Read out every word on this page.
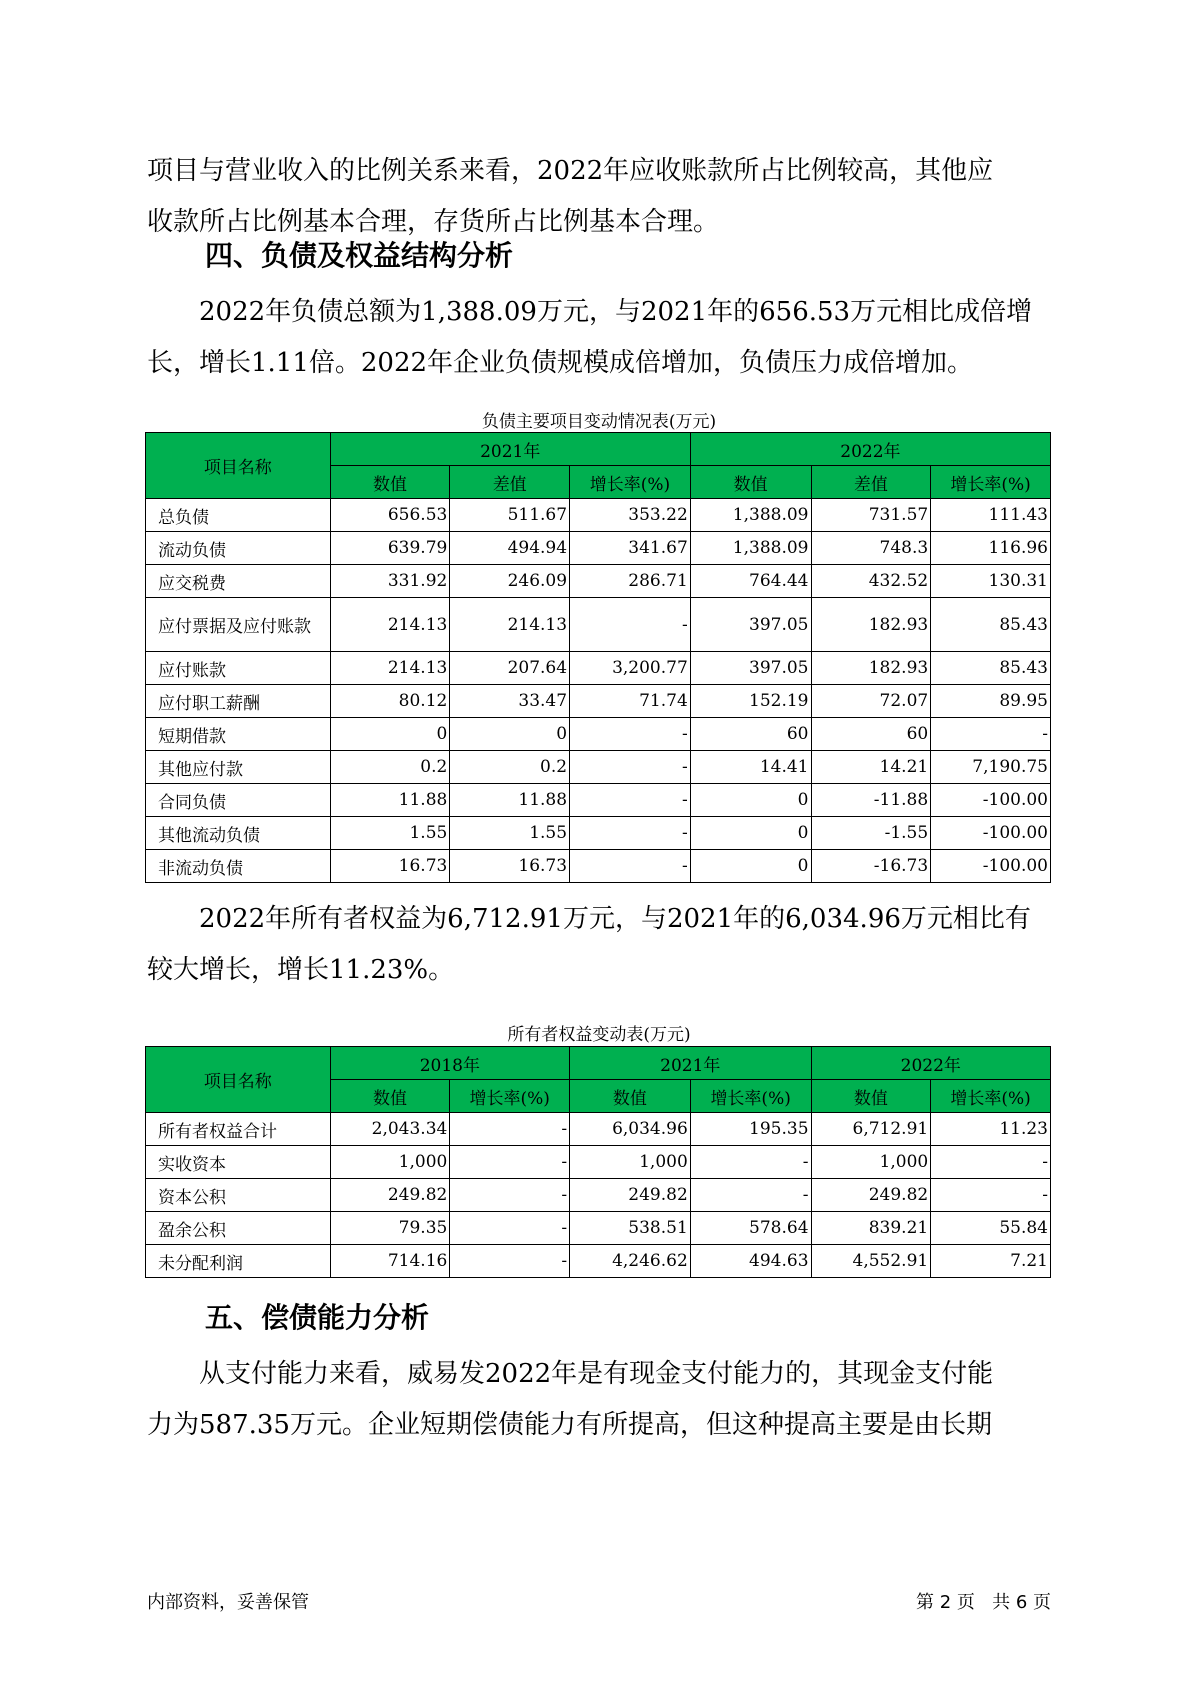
项目与营业收入的比例关系来看，2022年应收账款所占比例较高，其他应
收款所占比例基本合理，存货所占比例基本合理。

四、负债及权益结构分析

2022年负债总额为1,388.09万元，与2021年的656.53万元相比成倍增
长，增长1.11倍。2022年企业负债规模成倍增加，负债压力成倍增加。

负债主要项目变动情况表(万元)
项目名称	2021年			2022年		
	数值	差值	增长率(%)	数值	差值	增长率(%)
总负债	656.53	511.67	353.22	1,388.09	731.57	111.43
流动负债	639.79	494.94	341.67	1,388.09	748.3	116.96
应交税费	331.92	246.09	286.71	764.44	432.52	130.31
应付票据及应付账款	214.13	214.13	-	397.05	182.93	85.43
应付账款	214.13	207.64	3,200.77	397.05	182.93	85.43
应付职工薪酬	80.12	33.47	71.74	152.19	72.07	89.95
短期借款	0	0	-	60	60	-
其他应付款	0.2	0.2	-	14.41	14.21	7,190.75
合同负债	11.88	11.88	-	0	-11.88	-100.00
其他流动负债	1.55	1.55	-	0	-1.55	-100.00
非流动负债	16.73	16.73	-	0	-16.73	-100.00

2022年所有者权益为6,712.91万元，与2021年的6,034.96万元相比有
较大增长，增长11.23%。

所有者权益变动表(万元)
项目名称	2018年		2021年		2022年	
	数值	增长率(%)	数值	增长率(%)	数值	增长率(%)
所有者权益合计	2,043.34	-	6,034.96	195.35	6,712.91	11.23
实收资本	1,000	-	1,000	-	1,000	-
资本公积	249.82	-	249.82	-	249.82	-
盈余公积	79.35	-	538.51	578.64	839.21	55.84
未分配利润	714.16	-	4,246.62	494.63	4,552.91	7.21
五、偿债能力分析

从支付能力来看，威易发2022年是有现金支付能力的，其现金支付能
力为587.35万元。企业短期偿债能力有所提高，但这种提高主要是由长期

内部资料，妥善保管	第 2 页   共 6 页
